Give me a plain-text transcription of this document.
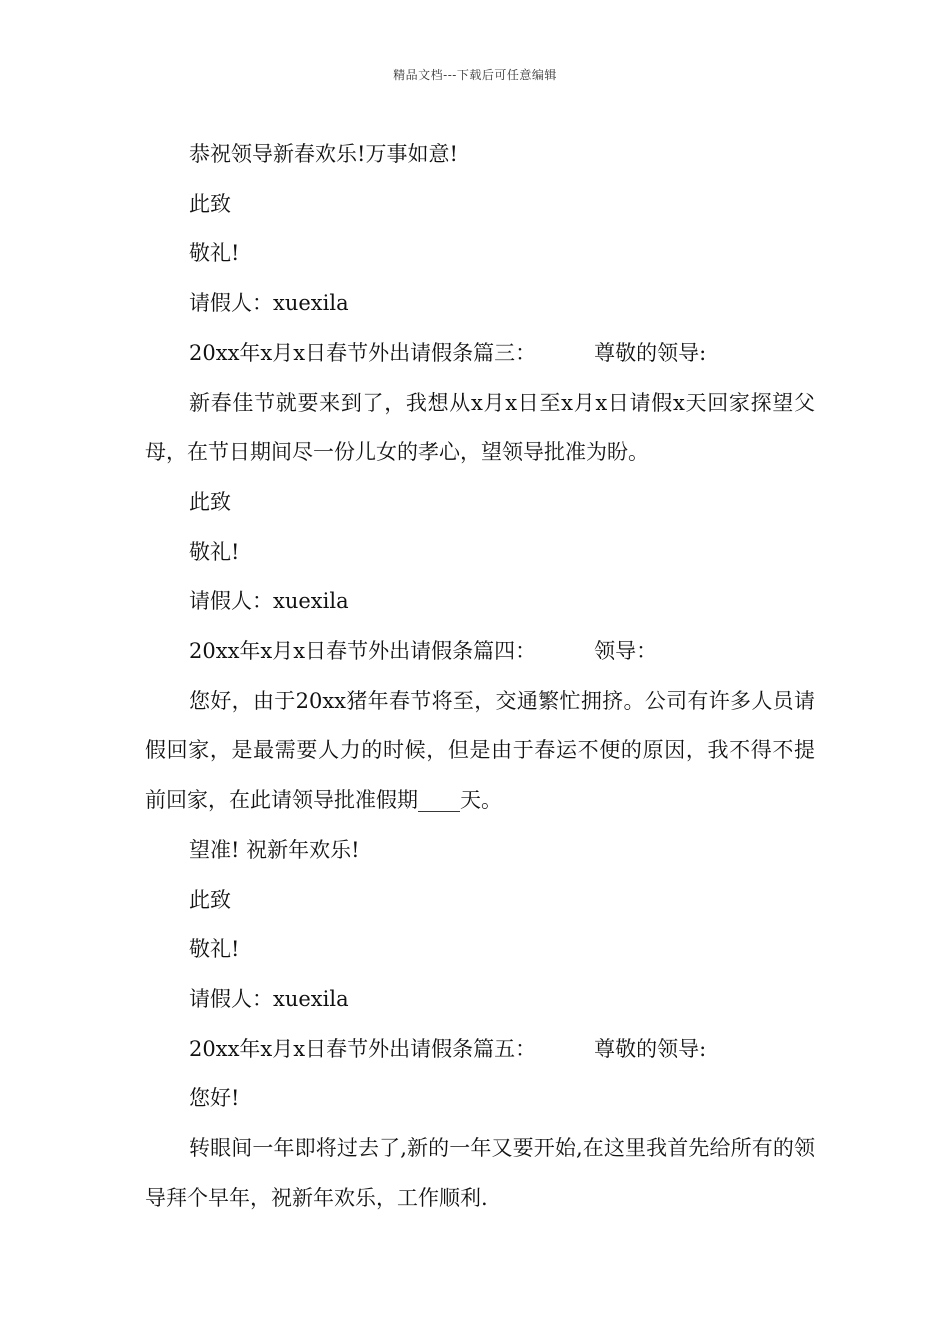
精品文档---下载后可任意编辑

恭祝领导新春欢乐!万事如意!

此致

敬礼!

请假人：xuexila

20xx年x月x日春节外出请假条篇三：	尊敬的领导:

新春佳节就要来到了，我想从x月x日至x月x日请假x天回家探望父母，在节日期间尽一份儿女的孝心，望领导批准为盼。

此致

敬礼!

请假人：xuexila

20xx年x月x日春节外出请假条篇四：	领导：

您好，由于20xx猪年春节将至，交通繁忙拥挤。公司有许多人员请假回家，是最需要人力的时候，但是由于春运不便的原因，我不得不提前回家，在此请领导批准假期____天。

望准! 祝新年欢乐!

此致

敬礼!

请假人：xuexila

20xx年x月x日春节外出请假条篇五：	尊敬的领导:

您好!

转眼间一年即将过去了,新的一年又要开始,在这里我首先给所有的领导拜个早年，祝新年欢乐，工作顺利.
